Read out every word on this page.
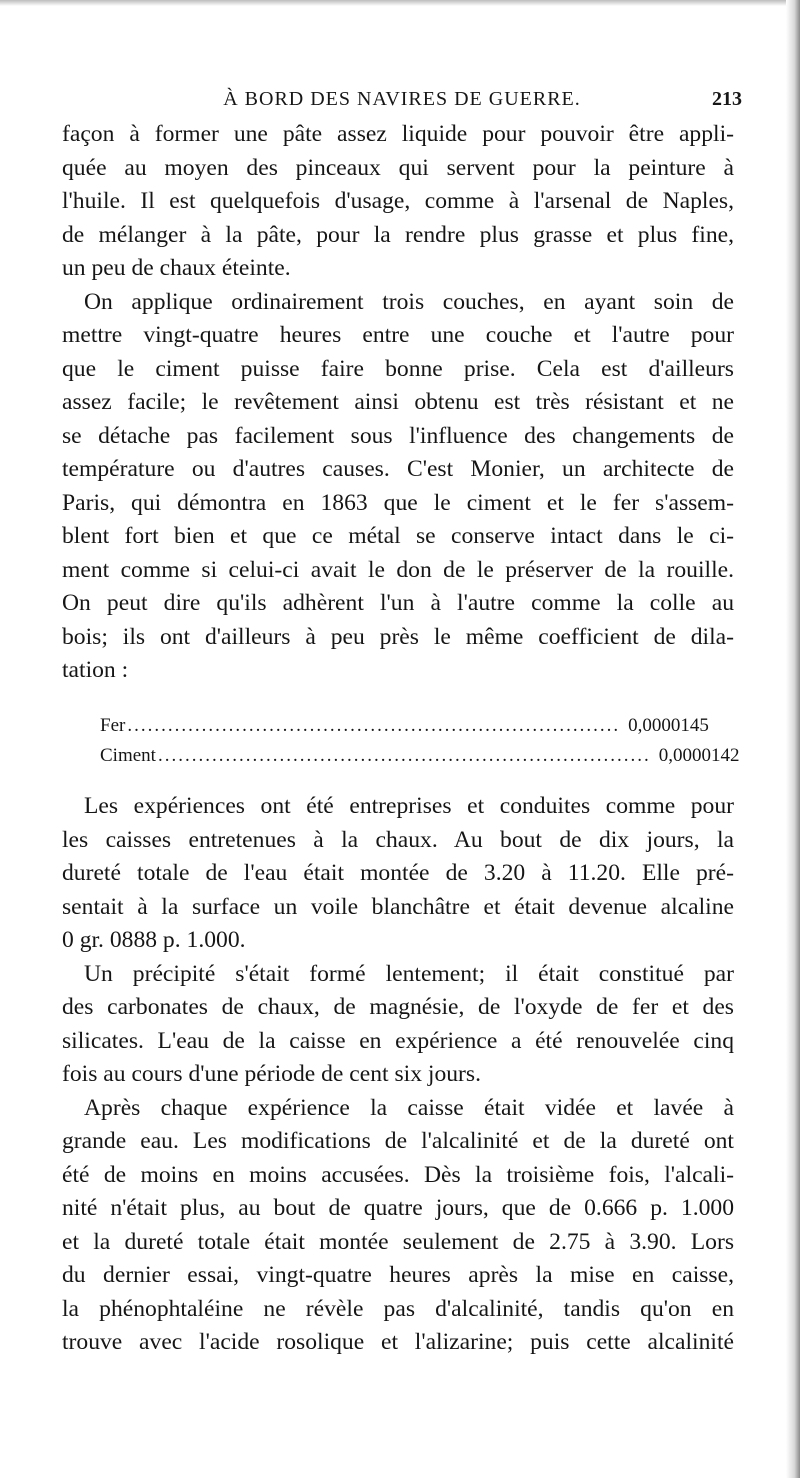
À BORD DES NAVIRES DE GUERRE.	213
façon à former une pâte assez liquide pour pouvoir être appli-
quée au moyen des pinceaux qui servent pour la peinture à
l'huile. Il est quelquefois d'usage, comme à l'arsenal de Naples,
de mélanger à la pâte, pour la rendre plus grasse et plus fine,
un peu de chaux éteinte.
On applique ordinairement trois couches, en ayant soin de
mettre vingt-quatre heures entre une couche et l'autre pour
que le ciment puisse faire bonne prise. Cela est d'ailleurs
assez facile; le revêtement ainsi obtenu est très résistant et ne
se détache pas facilement sous l'influence des changements de
température ou d'autres causes. C'est Monier, un architecte de
Paris, qui démontra en 1863 que le ciment et le fer s'assem-
blent fort bien et que ce métal se conserve intact dans le ci-
ment comme si celui-ci avait le don de le préserver de la rouille.
On peut dire qu'ils adhèrent l'un à l'autre comme la colle au
bois; ils ont d'ailleurs à peu près le même coefficient de dila-
tation :
Fer ......................................................................... 0,0000145
Ciment ......................................................................... 0,0000142
Les expériences ont été entreprises et conduites comme pour
les caisses entretenues à la chaux. Au bout de dix jours, la
dureté totale de l'eau était montée de 3.20 à 11.20. Elle pré-
sentait à la surface un voile blanchâtre et était devenue alcaline
0 gr. 0888 p. 1.000.
Un précipité s'était formé lentement; il était constitué par
des carbonates de chaux, de magnésie, de l'oxyde de fer et des
silicates. L'eau de la caisse en expérience a été renouvelée cinq
fois au cours d'une période de cent six jours.
Après chaque expérience la caisse était vidée et lavée à
grande eau. Les modifications de l'alcalinité et de la dureté ont
été de moins en moins accusées. Dès la troisième fois, l'alcali-
nité n'était plus, au bout de quatre jours, que de 0.666 p. 1.000
et la dureté totale était montée seulement de 2.75 à 3.90. Lors
du dernier essai, vingt-quatre heures après la mise en caisse,
la phénophtaléine ne révèle pas d'alcalinité, tandis qu'on en
trouve avec l'acide rosolique et l'alizarine; puis cette alcalinité
